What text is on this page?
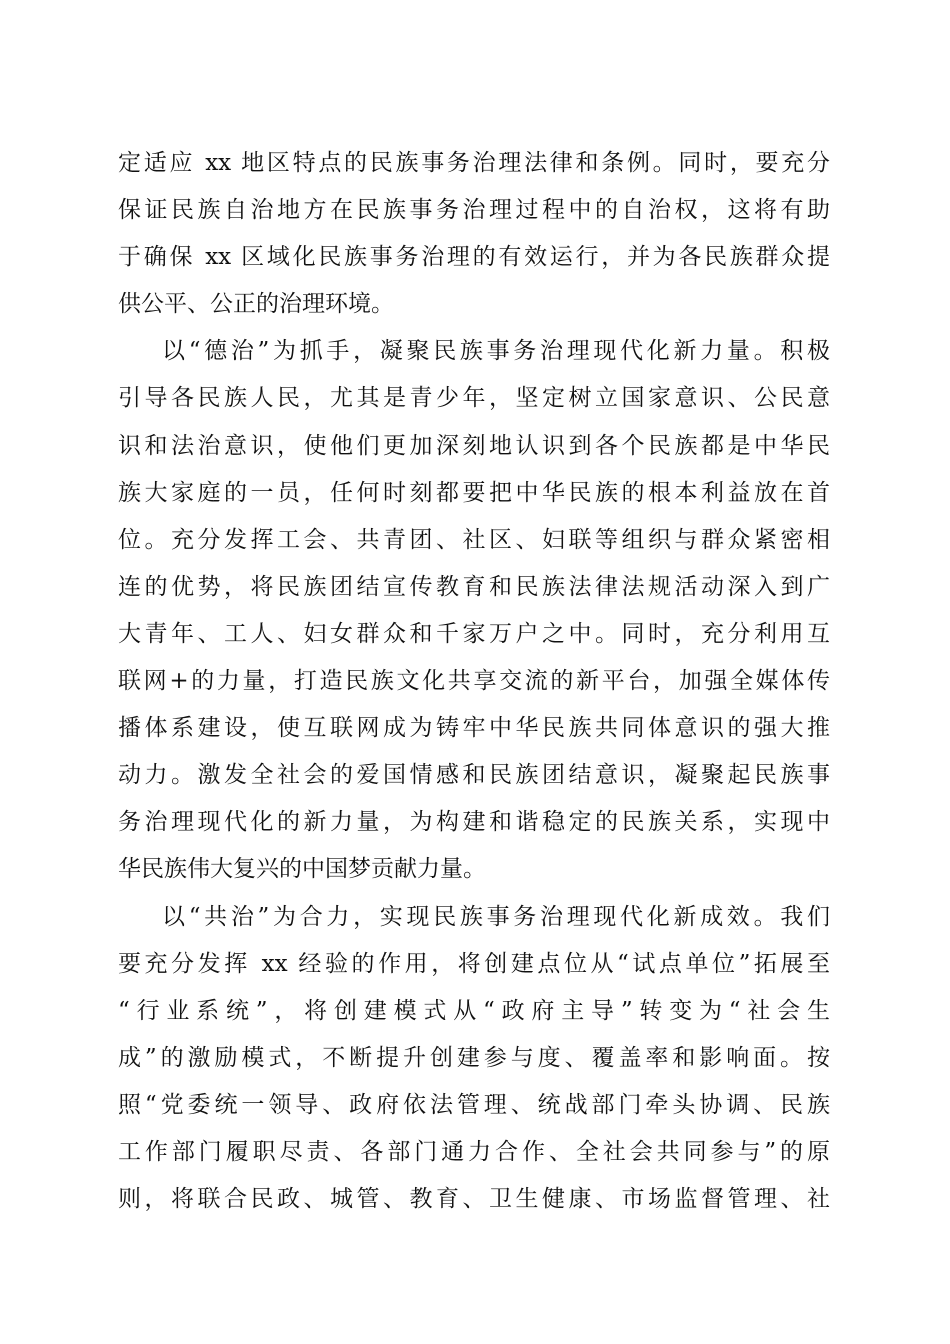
定适应 xx 地区特点的民族事务治理法律和条例。同时，要充分
保证民族自治地方在民族事务治理过程中的自治权，这将有助
于确保 xx 区域化民族事务治理的有效运行，并为各民族群众提
供公平、公正的治理环境。
以“德治”为抓手，凝聚民族事务治理现代化新力量。积极
引导各民族人民，尤其是青少年，坚定树立国家意识、公民意
识和法治意识，使他们更加深刻地认识到各个民族都是中华民
族大家庭的一员，任何时刻都要把中华民族的根本利益放在首
位。充分发挥工会、共青团、社区、妇联等组织与群众紧密相
连的优势，将民族团结宣传教育和民族法律法规活动深入到广
大青年、工人、妇女群众和千家万户之中。同时，充分利用互
联网+的力量，打造民族文化共享交流的新平台，加强全媒体传
播体系建设，使互联网成为铸牢中华民族共同体意识的强大推
动力。激发全社会的爱国情感和民族团结意识，凝聚起民族事
务治理现代化的新力量，为构建和谐稳定的民族关系，实现中
华民族伟大复兴的中国梦贡献力量。
以“共治”为合力，实现民族事务治理现代化新成效。我们
要充分发挥 xx 经验的作用，将创建点位从“试点单位”拓展至
“行业系统”，将创建模式从“政府主导”转变为“社会生
成”的激励模式，不断提升创建参与度、覆盖率和影响面。按
照“党委统一领导、政府依法管理、统战部门牵头协调、民族
工作部门履职尽责、各部门通力合作、全社会共同参与”的原
则，将联合民政、城管、教育、卫生健康、市场监督管理、社
